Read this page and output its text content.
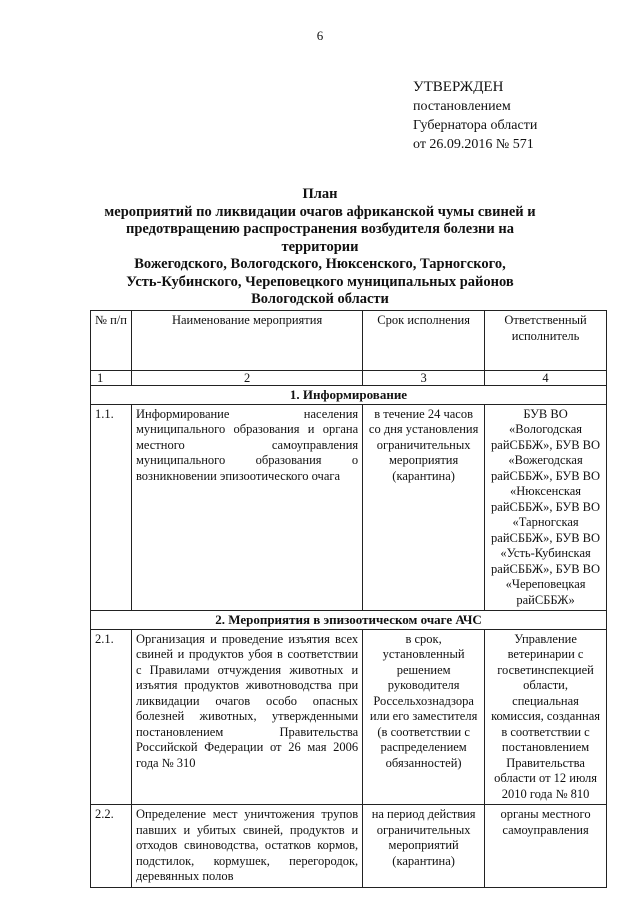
6
УТВЕРЖДЕН
постановлением
Губернатора области
от 26.09.2016 № 571
План
мероприятий по ликвидации очагов африканской чумы свиней и
предотвращению распространения возбудителя болезни на территории
Вожегодского, Вологодского, Нюксенского, Тарногского,
Усть-Кубинского, Череповецкого муниципальных районов
Вологодской области
№ п/п	Наименование мероприятия	Срок исполнения	Ответственный исполнитель
1	2	3	4
1. Информирование			
1.1.	Информирование населения муниципального образования и органа местного самоуправления муниципального образования о возникновении эпизоотического очага	в течение 24 часов со дня установления ограничительных мероприятия (карантина)	БУВ ВО «Вологодская райСББЖ», БУВ ВО «Вожегодская райСББЖ», БУВ ВО «Нюксенская райСББЖ», БУВ ВО «Тарногская райСББЖ», БУВ ВО «Усть-Кубинская райСББЖ», БУВ ВО «Череповецкая райСББЖ»
2. Мероприятия в эпизоотическом очаге АЧС			
2.1.	Организация и проведение изъятия всех свиней и продуктов убоя в соответствии с Правилами отчуждения животных и изъятия продуктов животноводства при ликвидации очагов особо опасных болезней животных, утвержденными постановлением Правительства Российской Федерации от 26 мая 2006 года № 310	в срок, установленный решением руководителя Россельхознадзора или его заместителя (в соответствии с распределением обязанностей)	Управление ветеринарии с госветинспекцией области, специальная комиссия, созданная в соответствии с постановлением Правительства области от 12 июля 2010 года № 810
2.2.	Определение мест уничтожения трупов павших и убитых свиней, продуктов и отходов свиноводства, остатков кормов, подстилок, кормушек, перегородок, деревянных полов	на период действия ограничительных мероприятий (карантина)	органы местного самоуправления
